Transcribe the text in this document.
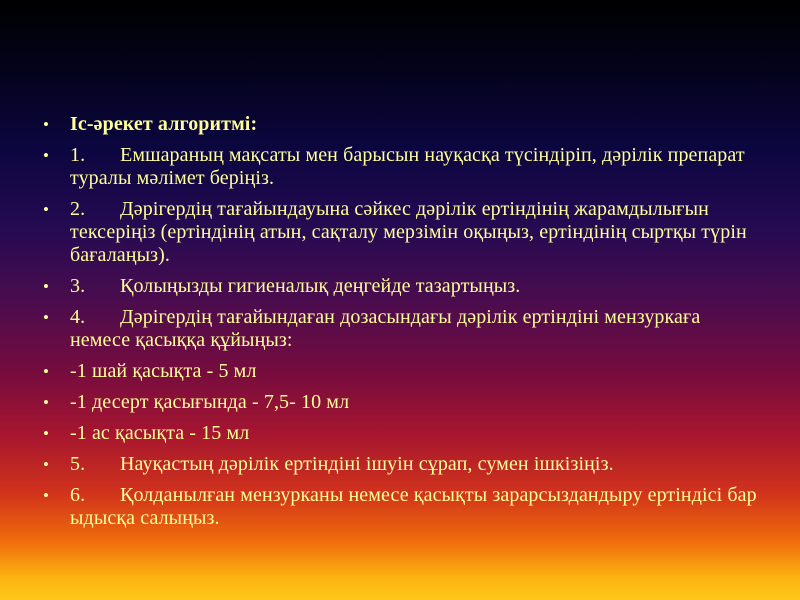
• Іс-әрекет алгоритмі:
• 1. Емшараның мақсаты мен барысын науқасқа түсіндіріп, дәрілік препарат туралы мәлімет беріңіз.
• 2. Дәрігердің тағайындауына сәйкес дәрілік ертіндінің жарамдылығын тексеріңіз (ертіндінің атын, сақталу мерзімін оқыңыз, ертіндінің сыртқы түрін бағалаңыз).
• 3. Қолыңызды гигиеналық деңгейде тазартыңыз.
• 4. Дәрігердің тағайындаған дозасындағы дәрілік ертіндіні мензуркаға немесе қасыққа құйыңыз:
• -1 шай қасықта - 5 мл
• -1 десерт қасығында - 7,5- 10 мл
• -1 ас қасықта - 15 мл
• 5. Науқастың дәрілік ертіндіні ішуін сұрап, сумен ішкізіңіз.
• 6. Қолданылған мензурканы немесе қасықты зарарсыздандыру ертіндісі бар ыдысқа салыңыз.
